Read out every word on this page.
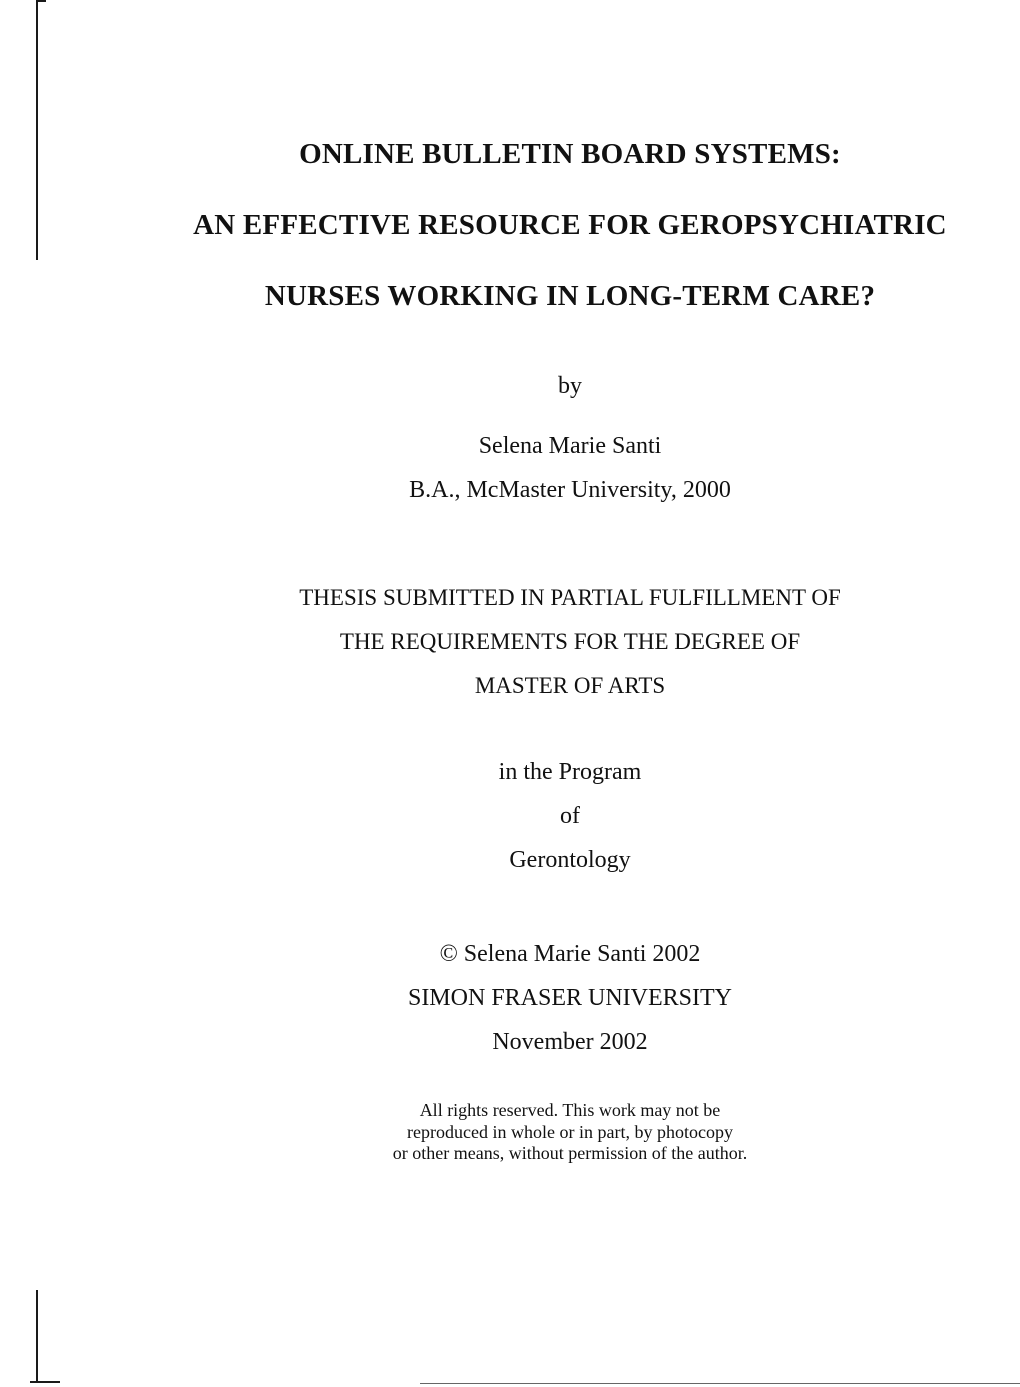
ONLINE BULLETIN BOARD SYSTEMS:
AN EFFECTIVE RESOURCE FOR GEROPSYCHIATRIC
NURSES WORKING IN LONG-TERM CARE?
by
Selena Marie Santi
B.A., McMaster University, 2000
THESIS SUBMITTED IN PARTIAL FULFILLMENT OF
THE REQUIREMENTS FOR THE DEGREE OF
MASTER OF ARTS
in the Program
of
Gerontology
© Selena Marie Santi 2002
SIMON FRASER UNIVERSITY
November 2002
All rights reserved. This work may not be
reproduced in whole or in part, by photocopy
or other means, without permission of the author.
